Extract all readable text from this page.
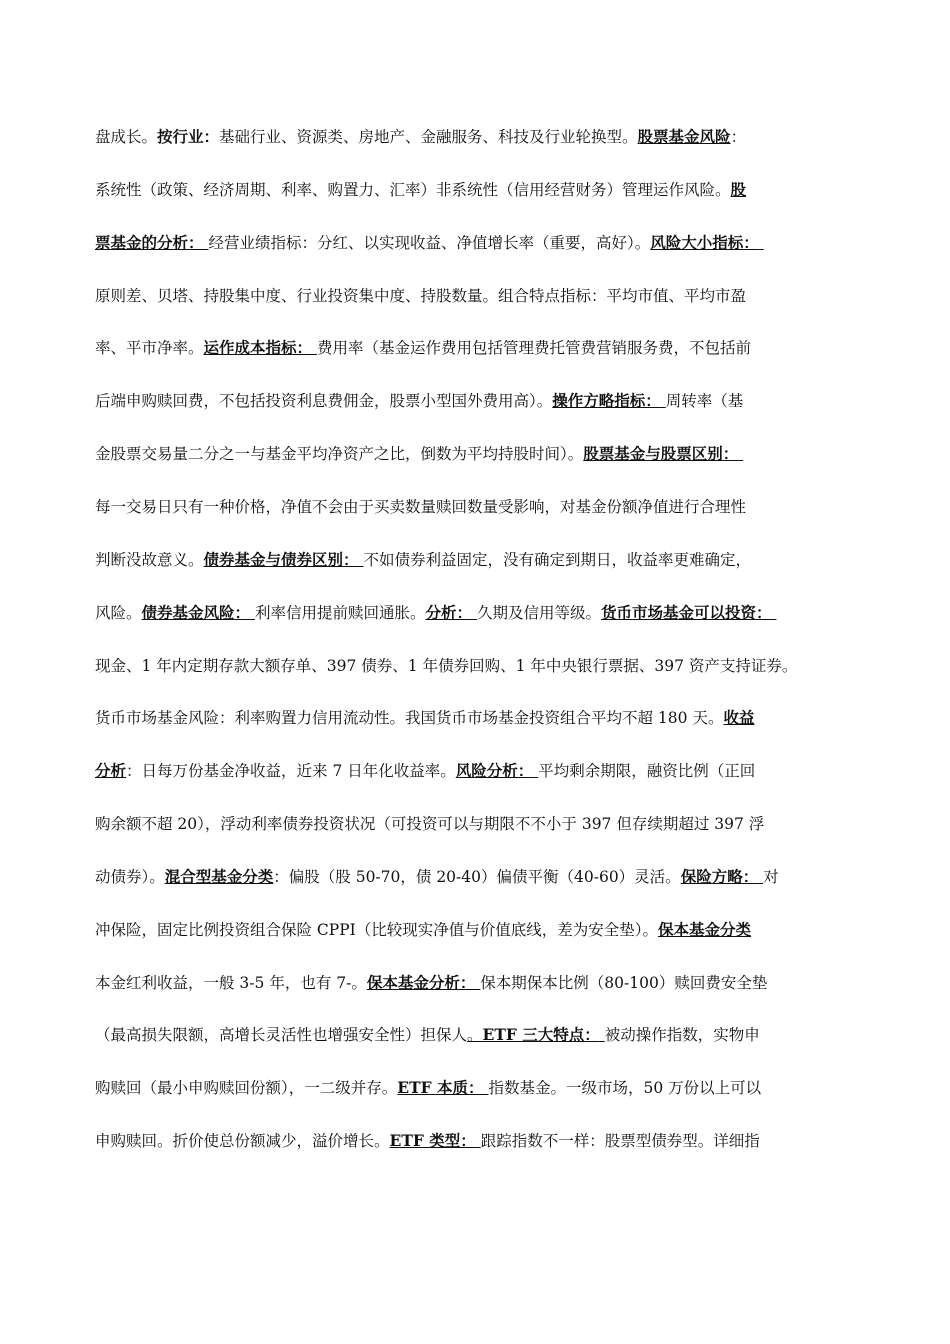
盘成长。按行业：基础行业、资源类、房地产、金融服务、科技及行业轮换型。股票基金风险：
系统性（政策、经济周期、利率、购置力、汇率）非系统性（信用经营财务）管理运作风险。股
票基金的分析： 经营业绩指标：分红、以实现收益、净值增长率（重要，高好）。风险大小指标：
原则差、贝塔、持股集中度、行业投资集中度、持股数量。组合特点指标：平均市值、平均市盈
率、平市净率。运作成本指标： 费用率（基金运作费用包括管理费托管费营销服务费，不包括前
后端申购赎回费，不包括投资利息费佣金，股票小型国外费用高）。操作方略指标： 周转率（基
金股票交易量二分之一与基金平均净资产之比，倒数为平均持股时间）。股票基金与股票区别：
每一交易日只有一种价格，净值不会由于买卖数量赎回数量受影响，对基金份额净值进行合理性
判断没故意义。债券基金与债券区别： 不如债券利益固定，没有确定到期日，收益率更难确定，
风险。债券基金风险： 利率信用提前赎回通胀。分析： 久期及信用等级。货币市场基金可以投资：
现金、1 年内定期存款大额存单、397 债券、1 年债券回购、1 年中央银行票据、397 资产支持证券。
货币市场基金风险：利率购置力信用流动性。我国货币市场基金投资组合平均不超 180 天。收益
分析：日每万份基金净收益，近来 7 日年化收益率。风险分析： 平均剩余期限，融资比例（正回
购余额不超 20），浮动利率债券投资状况（可投资可以与期限不不小于 397 但存续期超过 397 浮
动债券）。混合型基金分类：偏股（股 50-70，债 20-40）偏债平衡（40-60）灵活。保险方略： 对
冲保险，固定比例投资组合保险 CPPI（比较现实净值与价值底线，差为安全垫）。保本基金分类
本金红利收益，一般 3-5 年，也有 7-。保本基金分析： 保本期保本比例（80-100）赎回费安全垫
（最高损失限额，高增长灵活性也增强安全性）担保人。ETF 三大特点： 被动操作指数，实物申
购赎回（最小申购赎回份额），一二级并存。ETF 本质： 指数基金。一级市场，50 万份以上可以
申购赎回。折价使总份额减少，溢价增长。ETF 类型： 跟踪指数不一样：股票型债券型。详细指
